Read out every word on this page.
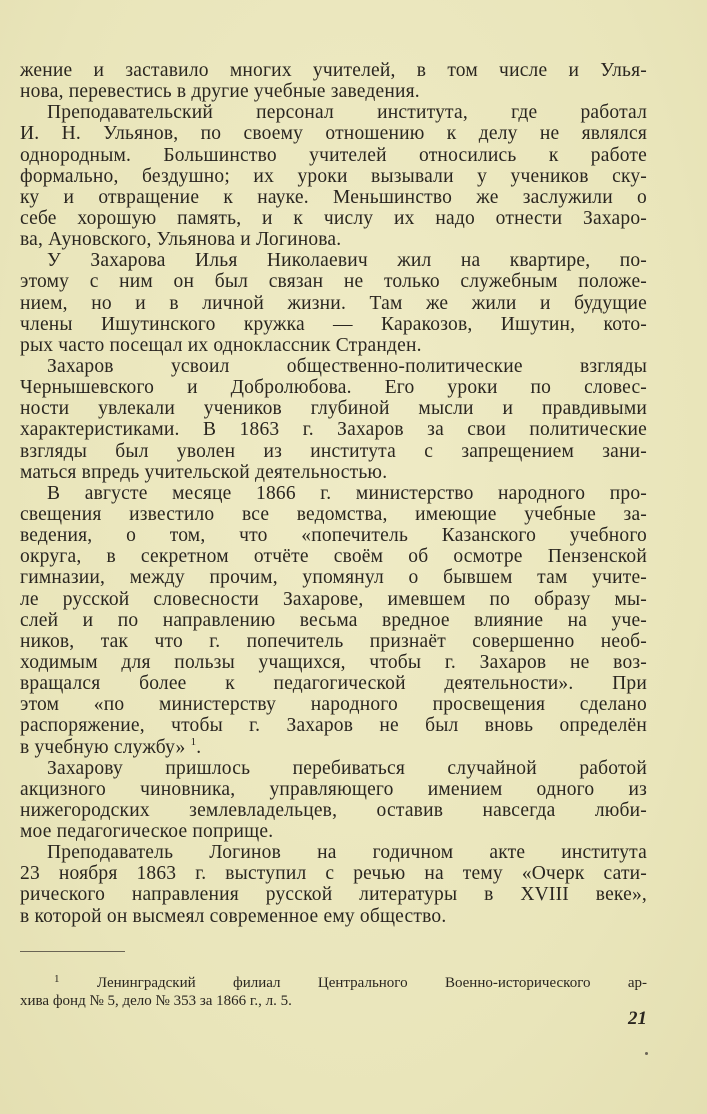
жение и заставило многих учителей, в том числе и Улья-
нова, перевестись в другие учебные заведения.
Преподавательский персонал института, где работал
И. Н. Ульянов, по своему отношению к делу не являлся
однородным. Большинство учителей относились к работе
формально, бездушно; их уроки вызывали у учеников ску-
ку и отвращение к науке. Меньшинство же заслужили о
себе хорошую память, и к числу их надо отнести Захаро-
ва, Ауновского, Ульянова и Логинова.
У Захарова Илья Николаевич жил на квартире, по-
этому с ним он был связан не только служебным положе-
нием, но и в личной жизни. Там же жили и будущие
члены Ишутинского кружка — Каракозов, Ишутин, кото-
рых часто посещал их одноклассник Странден.
Захаров усвоил общественно-политические взгляды
Чернышевского и Добролюбова. Его уроки по словес-
ности увлекали учеников глубиной мысли и правдивыми
характеристиками. В 1863 г. Захаров за свои политические
взгляды был уволен из института с запрещением зани-
маться впредь учительской деятельностью.
В августе месяце 1866 г. министерство народного про-
свещения известило все ведомства, имеющие учебные за-
ведения, о том, что «попечитель Казанского учебного
округа, в секретном отчёте своём об осмотре Пензенской
гимназии, между прочим, упомянул о бывшем там учите-
ле русской словесности Захарове, имевшем по образу мы-
слей и по направлению весьма вредное влияние на уче-
ников, так что г. попечитель признаёт совершенно необ-
ходимым для пользы учащихся, чтобы г. Захаров не воз-
вращался более к педагогической деятельности». При
этом «по министерству народного просвещения сделано
распоряжение, чтобы г. Захаров не был вновь определён
в учебную службу» $^1$.
Захарову пришлось перебиваться случайной работой
акцизного чиновника, управляющего имением одного из
нижегородских землевладельцев, оставив навсегда люби-
мое педагогическое поприще.
Преподаватель Логинов на годичном акте института
23 ноября 1863 г. выступил с речью на тему «Очерк сати-
рического направления русской литературы в XVIII веке»,
в которой он высмеял современное ему общество.
$^1$ Ленинградский филиал Центрального Военно-исторического ар-
хива фонд № 5, дело № 353 за 1866 г., л. 5.
21
